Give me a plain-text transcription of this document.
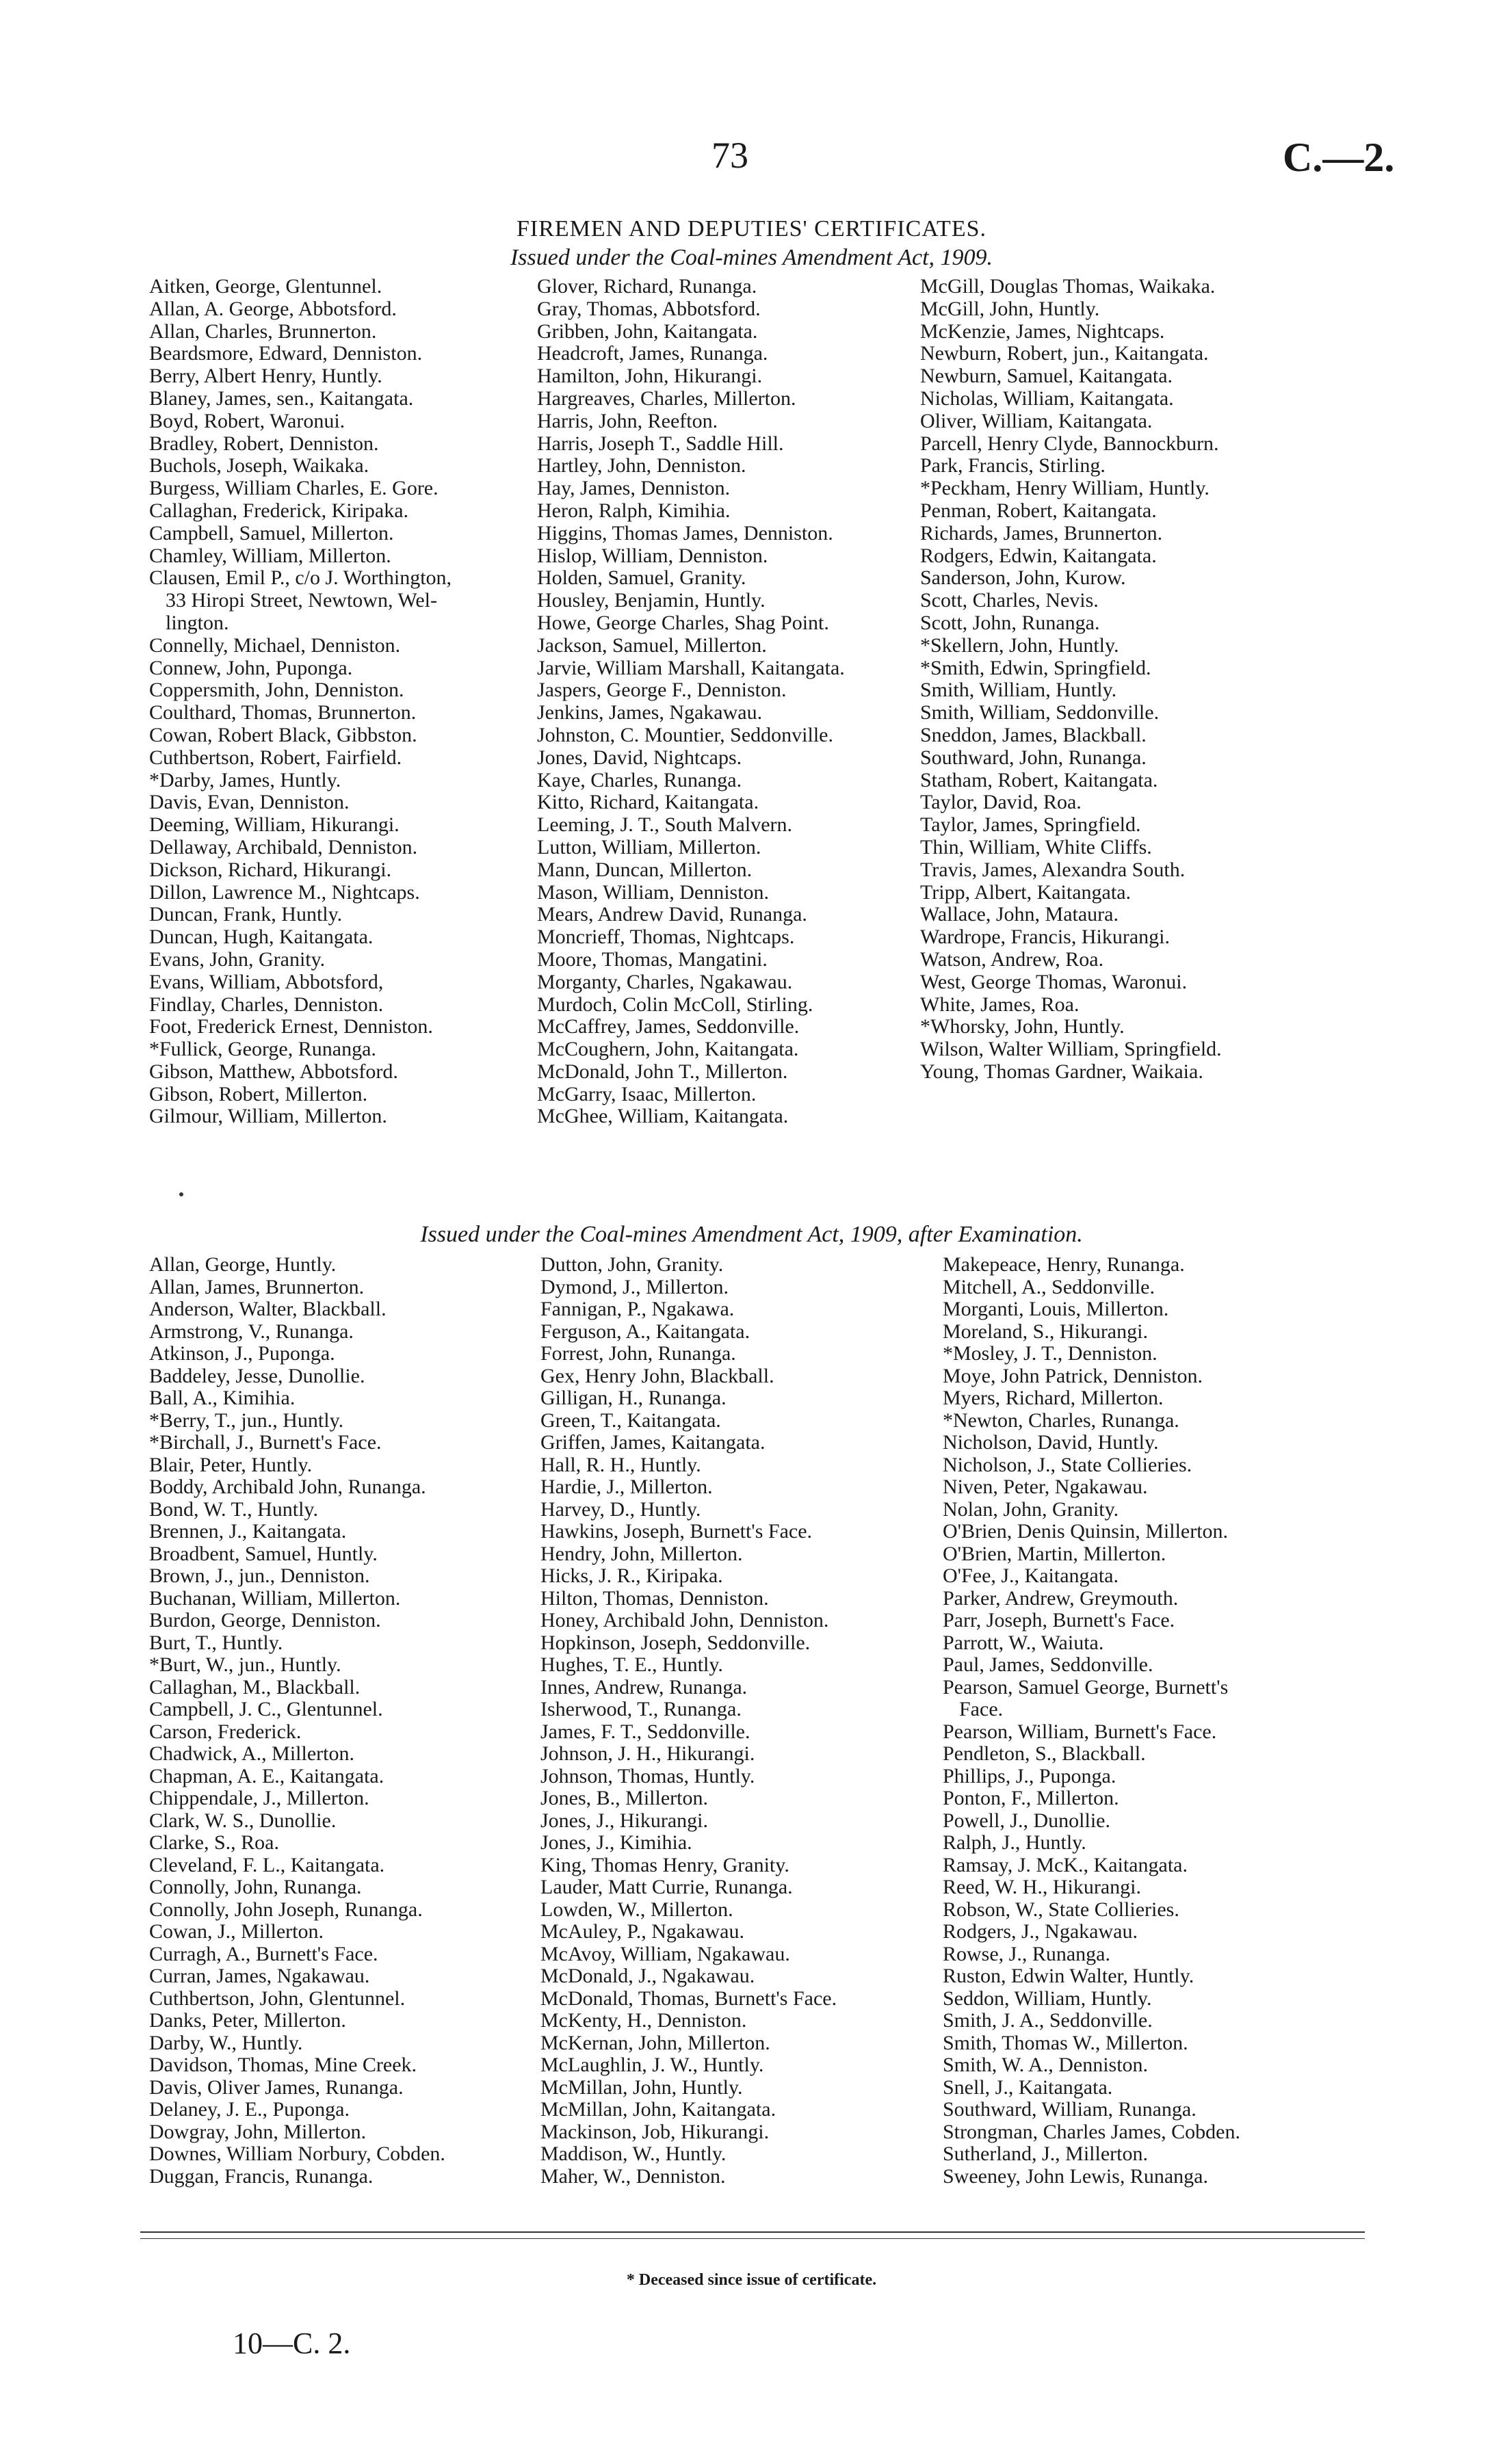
73	C.—2.
FIREMEN AND DEPUTIES' CERTIFICATES.
Issued under the Coal-mines Amendment Act, 1909.
Aitken, George, Glentunnel.
Allan, A. George, Abbotsford.
Allan, Charles, Brunnerton.
Beardsmore, Edward, Denniston.
Berry, Albert Henry, Huntly.
Blaney, James, sen., Kaitangata.
Boyd, Robert, Waronui.
Bradley, Robert, Denniston.
Buchols, Joseph, Waikaka.
Burgess, William Charles, E. Gore.
Callaghan, Frederick, Kiripaka.
Campbell, Samuel, Millerton.
Chamley, William, Millerton.
Clausen, Emil P., c/o J. Worthington,
33 Hiropi Street, Newtown, Wel-
lington.
Connelly, Michael, Denniston.
Connew, John, Puponga.
Coppersmith, John, Denniston.
Coulthard, Thomas, Brunnerton.
Cowan, Robert Black, Gibbston.
Cuthbertson, Robert, Fairfield.
*Darby, James, Huntly.
Davis, Evan, Denniston.
Deeming, William, Hikurangi.
Dellaway, Archibald, Denniston.
Dickson, Richard, Hikurangi.
Dillon, Lawrence M., Nightcaps.
Duncan, Frank, Huntly.
Duncan, Hugh, Kaitangata.
Evans, John, Granity.
Evans, William, Abbotsford,
Findlay, Charles, Denniston.
Foot, Frederick Ernest, Denniston.
*Fullick, George, Runanga.
Gibson, Matthew, Abbotsford.
Gibson, Robert, Millerton.
Gilmour, William, Millerton.
Glover, Richard, Runanga.
Gray, Thomas, Abbotsford.
Gribben, John, Kaitangata.
Headcroft, James, Runanga.
Hamilton, John, Hikurangi.
Hargreaves, Charles, Millerton.
Harris, John, Reefton.
Harris, Joseph T., Saddle Hill.
Hartley, John, Denniston.
Hay, James, Denniston.
Heron, Ralph, Kimihia.
Higgins, Thomas James, Denniston.
Hislop, William, Denniston.
Holden, Samuel, Granity.
Housley, Benjamin, Huntly.
Howe, George Charles, Shag Point.
Jackson, Samuel, Millerton.
Jarvie, William Marshall, Kaitangata.
Jaspers, George F., Denniston.
Jenkins, James, Ngakawau.
Johnston, C. Mountier, Seddonville.
Jones, David, Nightcaps.
Kaye, Charles, Runanga.
Kitto, Richard, Kaitangata.
Leeming, J. T., South Malvern.
Lutton, William, Millerton.
Mann, Duncan, Millerton.
Mason, William, Denniston.
Mears, Andrew David, Runanga.
Moncrieff, Thomas, Nightcaps.
Moore, Thomas, Mangatini.
Morganty, Charles, Ngakawau.
Murdoch, Colin McColl, Stirling.
McCaffrey, James, Seddonville.
McCoughern, John, Kaitangata.
McDonald, John T., Millerton.
McGarry, Isaac, Millerton.
McGhee, William, Kaitangata.
McGill, Douglas Thomas, Waikaka.
McGill, John, Huntly.
McKenzie, James, Nightcaps.
Newburn, Robert, jun., Kaitangata.
Newburn, Samuel, Kaitangata.
Nicholas, William, Kaitangata.
Oliver, William, Kaitangata.
Parcell, Henry Clyde, Bannockburn.
Park, Francis, Stirling.
*Peckham, Henry William, Huntly.
Penman, Robert, Kaitangata.
Richards, James, Brunnerton.
Rodgers, Edwin, Kaitangata.
Sanderson, John, Kurow.
Scott, Charles, Nevis.
Scott, John, Runanga.
*Skellern, John, Huntly.
*Smith, Edwin, Springfield.
Smith, William, Huntly.
Smith, William, Seddonville.
Sneddon, James, Blackball.
Southward, John, Runanga.
Statham, Robert, Kaitangata.
Taylor, David, Roa.
Taylor, James, Springfield.
Thin, William, White Cliffs.
Travis, James, Alexandra South.
Tripp, Albert, Kaitangata.
Wallace, John, Mataura.
Wardrope, Francis, Hikurangi.
Watson, Andrew, Roa.
West, George Thomas, Waronui.
White, James, Roa.
*Whorsky, John, Huntly.
Wilson, Walter William, Springfield.
Young, Thomas Gardner, Waikaia.
Issued under the Coal-mines Amendment Act, 1909, after Examination.
Allan, George, Huntly.
Allan, James, Brunnerton.
Anderson, Walter, Blackball.
Armstrong, V., Runanga.
Atkinson, J., Puponga.
Baddeley, Jesse, Dunollie.
Ball, A., Kimihia.
*Berry, T., jun., Huntly.
*Birchall, J., Burnett's Face.
Blair, Peter, Huntly.
Boddy, Archibald John, Runanga.
Bond, W. T., Huntly.
Brennen, J., Kaitangata.
Broadbent, Samuel, Huntly.
Brown, J., jun., Denniston.
Buchanan, William, Millerton.
Burdon, George, Denniston.
Burt, T., Huntly.
*Burt, W., jun., Huntly.
Callaghan, M., Blackball.
Campbell, J. C., Glentunnel.
Carson, Frederick.
Chadwick, A., Millerton.
Chapman, A. E., Kaitangata.
Chippendale, J., Millerton.
Clark, W. S., Dunollie.
Clarke, S., Roa.
Cleveland, F. L., Kaitangata.
Connolly, John, Runanga.
Connolly, John Joseph, Runanga.
Cowan, J., Millerton.
Curragh, A., Burnett's Face.
Curran, James, Ngakawau.
Cuthbertson, John, Glentunnel.
Danks, Peter, Millerton.
Darby, W., Huntly.
Davidson, Thomas, Mine Creek.
Davis, Oliver James, Runanga.
Delaney, J. E., Puponga.
Dowgray, John, Millerton.
Downes, William Norbury, Cobden.
Duggan, Francis, Runanga.
Dutton, John, Granity.
Dymond, J., Millerton.
Fannigan, P., Ngakawa.
Ferguson, A., Kaitangata.
Forrest, John, Runanga.
Gex, Henry John, Blackball.
Gilligan, H., Runanga.
Green, T., Kaitangata.
Griffen, James, Kaitangata.
Hall, R. H., Huntly.
Hardie, J., Millerton.
Harvey, D., Huntly.
Hawkins, Joseph, Burnett's Face.
Hendry, John, Millerton.
Hicks, J. R., Kiripaka.
Hilton, Thomas, Denniston.
Honey, Archibald John, Denniston.
Hopkinson, Joseph, Seddonville.
Hughes, T. E., Huntly.
Innes, Andrew, Runanga.
Isherwood, T., Runanga.
James, F. T., Seddonville.
Johnson, J. H., Hikurangi.
Johnson, Thomas, Huntly.
Jones, B., Millerton.
Jones, J., Hikurangi.
Jones, J., Kimihia.
King, Thomas Henry, Granity.
Lauder, Matt Currie, Runanga.
Lowden, W., Millerton.
McAuley, P., Ngakawau.
McAvoy, William, Ngakawau.
McDonald, J., Ngakawau.
McDonald, Thomas, Burnett's Face.
McKenty, H., Denniston.
McKernan, John, Millerton.
McLaughlin, J. W., Huntly.
McMillan, John, Huntly.
McMillan, John, Kaitangata.
Mackinson, Job, Hikurangi.
Maddison, W., Huntly.
Maher, W., Denniston.
Makepeace, Henry, Runanga.
Mitchell, A., Seddonville.
Morganti, Louis, Millerton.
Moreland, S., Hikurangi.
*Mosley, J. T., Denniston.
Moye, John Patrick, Denniston.
Myers, Richard, Millerton.
*Newton, Charles, Runanga.
Nicholson, David, Huntly.
Nicholson, J., State Collieries.
Niven, Peter, Ngakawau.
Nolan, John, Granity.
O'Brien, Denis Quinsin, Millerton.
O'Brien, Martin, Millerton.
O'Fee, J., Kaitangata.
Parker, Andrew, Greymouth.
Parr, Joseph, Burnett's Face.
Parrott, W., Waiuta.
Paul, James, Seddonville.
Pearson, Samuel George, Burnett's
Face.
Pearson, William, Burnett's Face.
Pendleton, S., Blackball.
Phillips, J., Puponga.
Ponton, F., Millerton.
Powell, J., Dunollie.
Ralph, J., Huntly.
Ramsay, J. McK., Kaitangata.
Reed, W. H., Hikurangi.
Robson, W., State Collieries.
Rodgers, J., Ngakawau.
Rowse, J., Runanga.
Ruston, Edwin Walter, Huntly.
Seddon, William, Huntly.
Smith, J. A., Seddonville.
Smith, Thomas W., Millerton.
Smith, W. A., Denniston.
Snell, J., Kaitangata.
Southward, William, Runanga.
Strongman, Charles James, Cobden.
Sutherland, J., Millerton.
Sweeney, John Lewis, Runanga.
* Deceased since issue of certificate.
10—C. 2.
